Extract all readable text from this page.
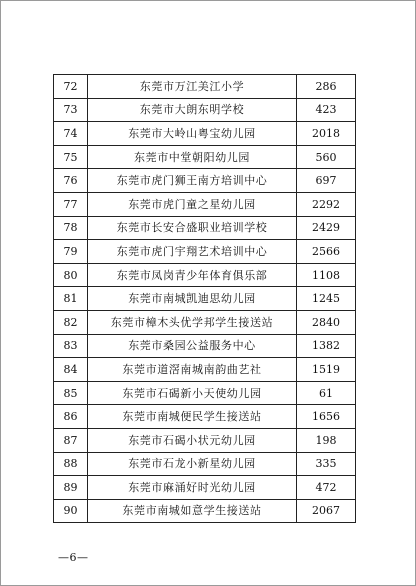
72	东莞市万江美江小学	286
73	东莞市大朗东明学校	423
74	东莞市大岭山粤宝幼儿园	2018
75	东莞市中堂朝阳幼儿园	560
76	东莞市虎门狮王南方培训中心	697
77	东莞市虎门童之星幼儿园	2292
78	东莞市长安合盛职业培训学校	2429
79	东莞市虎门宇翔艺术培训中心	2566
80	东莞市凤岗青少年体育俱乐部	1108
81	东莞市南城凯迪思幼儿园	1245
82	东莞市樟木头优学邦学生接送站	2840
83	东莞市桑园公益服务中心	1382
84	东莞市道滘南城南韵曲艺社	1519
85	东莞市石碣新小天使幼儿园	61
86	东莞市南城便民学生接送站	1656
87	东莞市石碣小状元幼儿园	198
88	东莞市石龙小新星幼儿园	335
89	东莞市麻涌好时光幼儿园	472
90	东莞市南城如意学生接送站	2067
—6—
